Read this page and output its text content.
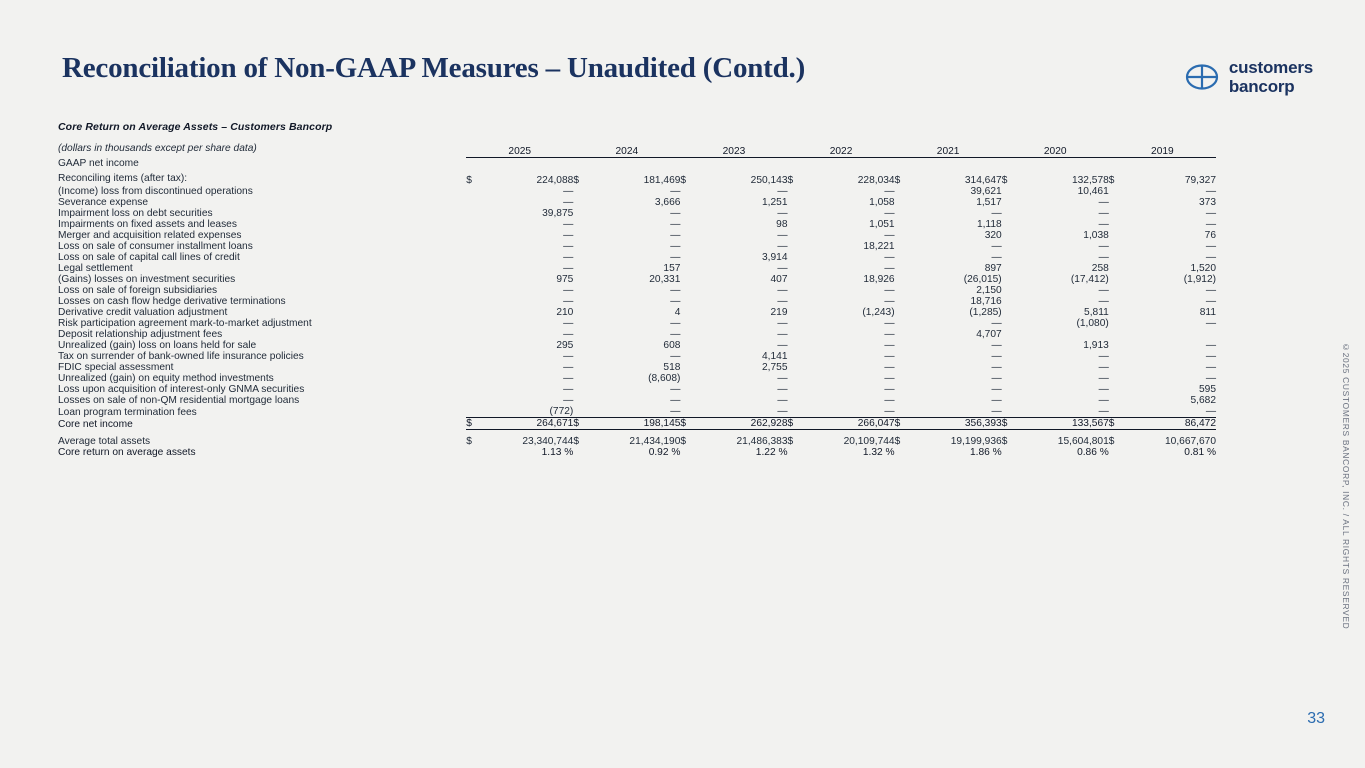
Reconciliation of Non-GAAP Measures – Unaudited (Contd.)	customers
bancorp
Core Return on Average Assets – Customers Bancorp
(dollars in thousands except per share data)	2025		2024		2023		2022		2021		2020		2019	

GAAP net income
Reconciling items (after tax):	$	224,088	$	181,469	$	250,143	$	228,034	$	314,647	$	132,578	$	79,327

(Income) loss from discontinued operations		—		—		—		—		39,621		10,461		—

Severance expense		—		3,666		1,251		1,058		1,517		—		373

Impairment loss on debt securities		39,875		—		—		—		—		—		—

Impairments on fixed assets and leases		—		—		98		1,051		1,118		—		—

Merger and acquisition related expenses		—		—		—		—		320		1,038		76

Loss on sale of consumer installment loans		—		—		—		18,221		—		—		—

Loss on sale of capital call lines of credit		—		—		3,914		—		—		—		—

Legal settlement		—		157		—		—		897		258		1,520

(Gains) losses on investment securities		975		20,331		407		18,926		(26,015)		(17,412)		(1,912)

Loss on sale of foreign subsidiaries		—		—		—		—		2,150		—		—

Losses on cash flow hedge derivative terminations		—		—		—		—		18,716		—		—

Derivative credit valuation adjustment		210		4		219		(1,243)		(1,285)		5,811		811

Risk participation agreement mark-to-market adjustment		—		—		—		—		—		(1,080)		—

Deposit relationship adjustment fees		—		—		—		—		4,707				

Unrealized (gain) loss on loans held for sale		295		608		—		—		—		1,913		—

Tax on surrender of bank-owned life insurance policies		—		—		4,141		—		—		—		—

FDIC special assessment		—		518		2,755		—		—		—		—

Unrealized (gain) on equity method investments		—		(8,608)		—		—		—		—		—

Loss upon acquisition of interest-only GNMA securities		—		—		—		—		—		—		595

Losses on sale of non-QM residential mortgage loans		—		—		—		—		—		—		5,682

Loan program termination fees		(772)		—		—		—		—		—		—

Core net income	$	264,671	$	198,145	$	262,928	$	266,047	$	356,393	$	133,567	$	86,472

Average total assets	$	23,340,744	$	21,434,190	$	21,486,383	$	20,109,744	$	19,199,936	$	15,604,801	$	10,667,670

Core return on average assets		1.13 %		0.92 %		1.22 %		1.32 %		1.86 %		0.86 %		0.81 %	©2025 CUSTOMERS BANCORP, INC. / ALL RIGHTS RESERVED
33
